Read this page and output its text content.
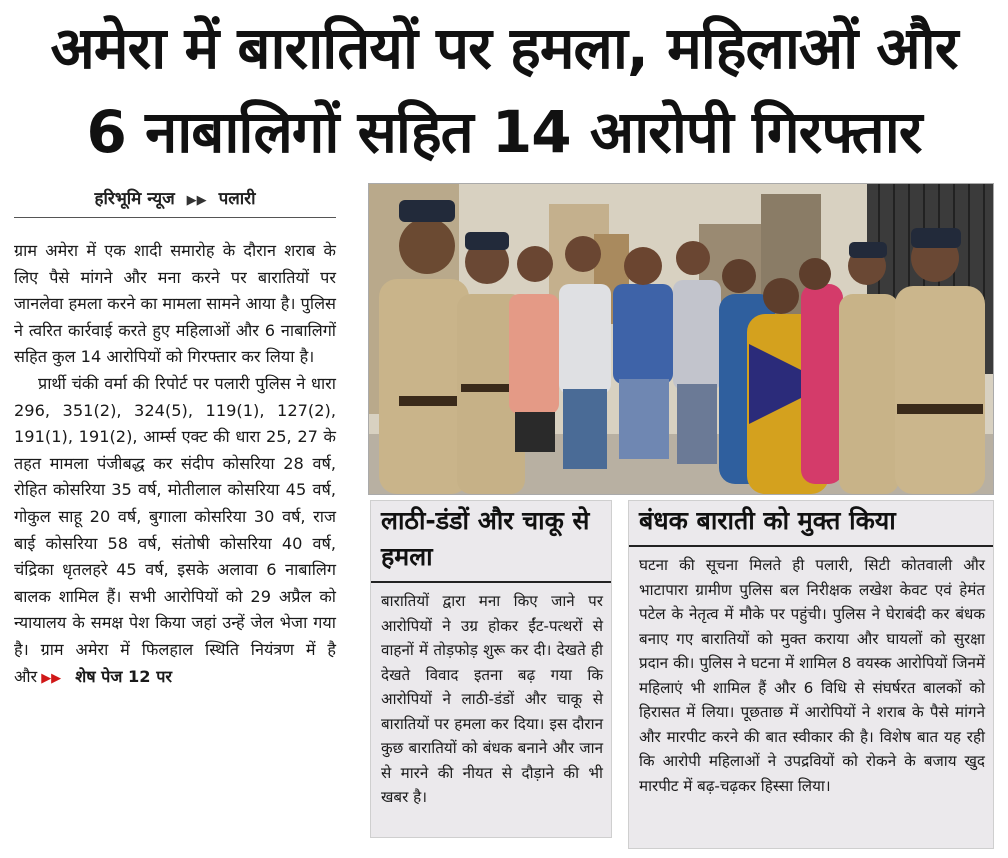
अमेरा में बारातियों पर हमला, महिलाओं और
6 नाबालिगों सहित 14 आरोपी गिरफ्तार
हरिभूमि न्यूज ▶▶ पलारी

ग्राम अमेरा में एक शादी समारोह के दौरान शराब के लिए पैसे मांगने और मना करने पर बारातियों पर जानलेवा हमला करने का मामला सामने आया है। पुलिस ने त्वरित कार्रवाई करते हुए महिलाओं और 6 नाबालिगों सहित कुल 14 आरोपियों को गिरफ्तार कर लिया है।

प्रार्थी चंकी वर्मा की रिपोर्ट पर पलारी पुलिस ने धारा 296, 351(2), 324(5), 119(1), 127(2), 191(1), 191(2), आर्म्स एक्ट की धारा 25, 27 के तहत मामला पंजीबद्ध कर संदीप कोसरिया 28 वर्ष, रोहित कोसरिया 35 वर्ष, मोतीलाल कोसरिया 45 वर्ष, गोकुल साहू 20 वर्ष, बुगाला कोसरिया 30 वर्ष, राज बाई कोसरिया 58 वर्ष, संतोषी कोसरिया 40 वर्ष, चंद्रिका धृतलहरे 45 वर्ष, इसके अलावा 6 नाबालिग बालक शामिल हैं। सभी आरोपियों को 29 अप्रैल को न्यायालय के समक्ष पेश किया जहां उन्हें जेल भेजा गया है। ग्राम अमेरा में फिलहाल स्थिति नियंत्रण में है और ▶▶ शेष पेज 12 पर

लाठी-डंडों और चाकू से हमला
बारातियों द्वारा मना किए जाने पर आरोपियों ने उग्र होकर ईंट-पत्थरों से वाहनों में तोड़फोड़ शुरू कर दी। देखते ही देखते विवाद इतना बढ़ गया कि आरोपियों ने लाठी-डंडों और चाकू से बारातियों पर हमला कर दिया। इस दौरान कुछ बारातियों को बंधक बनाने और जान से मारने की नीयत से दौड़ाने की भी खबर है।
बंधक बाराती को मुक्त किया
घटना की सूचना मिलते ही पलारी, सिटी कोतवाली और भाटापारा ग्रामीण पुलिस बल निरीक्षक लखेश केवट एवं हेमंत पटेल के नेतृत्व में मौके पर पहुंची। पुलिस ने घेराबंदी कर बंधक बनाए गए बारातियों को मुक्त कराया और घायलों को सुरक्षा प्रदान की। पुलिस ने घटना में शामिल 8 वयस्क आरोपियों जिनमें महिलाएं भी शामिल हैं और 6 विधि से संघर्षरत बालकों को हिरासत में लिया। पूछताछ में आरोपियों ने शराब के पैसे मांगने और मारपीट करने की बात स्वीकार की है। विशेष बात यह रही कि आरोपी महिलाओं ने उपद्रवियों को रोकने के बजाय खुद मारपीट में बढ़-चढ़कर हिस्सा लिया।
